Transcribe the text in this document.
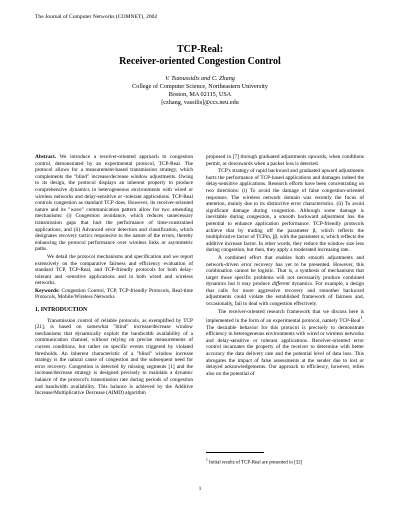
The Journal of Computer Networks (COMNET), 2002
TCP-Real:
Receiver-oriented Congestion Control
V. Tsaoussidis and C. Zhang
College of Computer Science, Northeastern University
Boston, MA 02115, USA
[czhang, vassilis]@ccs.neu.edu

Abstract. We introduce a receiver-oriented approach to congestion control, demonstrated by an experimental protocol, TCP-Real. The protocol allows for a measurement-based transmission strategy, which complements the "blind" increase/decrease window adjustments. Owing to its design, the protocol displays an inherent property to produce comprehensive dynamics in heterogeneous environments with wired or wireless networks and delay-sensitive or -tolerant applications. TCP-Real controls congestion as standard TCP does. However, its receiver-oriented nature and its "wave" communication pattern allow for two amending mechanisms: (i) Congestion avoidance, which reduces unnecessary transmission gaps that hurt the performance of time-constrained applications, and (ii) Advanced error detection and classification, which designates recovery tactics responsive to the nature of the errors, thereby enhancing the protocol performance over wireless links or asymmetric paths.

We detail the protocol mechanisms and specification and we report extensively on the comparative fairness and efficiency evaluation of standard TCP, TCP-Real, and TCP-friendly protocols for both delay-tolerant and -sensitive applications and in both wired and wireless networks.

Keywords: Congestion Control, TCP, TCP-friendly Protocols, Real-time Protocols, Mobile/Wireless Networks

1. INTRODUCTION

Transmission control of reliable protocols, as exemplified by TCP [21], is based on somewhat "blind" increase/decrease window mechanisms that dynamically exploit the bandwidth availability of a communication channel, without relying on precise measurements of current conditions, but rather on specific events triggered by violated thresholds. An inherent characteristic of a "blind" window increase strategy is the natural cause of congestion and the subsequent need for error recovery. Congestion is detected by missing segments [1] and the increase/decrease strategy is designed precisely to maintain a dynamic balance of the protocol's transmission rate during periods of congestion and bandwidth availability. This balance is achieved by the Additive Increase/Multiplicative Decrease (AIMD) algorithm

proposed in [7] through graduated adjustments upwards, when conditions permit, or downwards when a packet loss is detected.

TCP's strategy of rapid backward and graduated upward adjustments hurts the performance of TCP-based applications and damages indeed the delay-sensitive applications. Research efforts have been concentrating on two directions: (i) To avoid the damage of false congestion-oriented responses. The wireless network domain was recently the focus of attention, mainly due to its distinctive error characteristics. (ii) To avoid significant damage during congestion. Although some damage is inevitable during congestion, a smooth backward adjustment has the potential to enhance application performance. TCP-friendly protocols achieve that by trading off the parameter β, which reflects the multiplicative factor of TCPin, [β, with the parameter α, which reflects the additive increase factor. In other words, they reduce the window size less during congestion, but then, they apply a moderated increasing rate.

A combined effort that enables both smooth adjustments and network-driven error recovery has yet to be presented. However, this combination cannot be logistic. That is, a synthesis of mechanisms that target those specific problems will not necessarily produce combined dynamics but it may produce different dynamics. For example, a design that calls for more aggressive recovery and smoother backward adjustments could violate the established framework of fairness and, occasionally, fail to deal with congestion effectively.

The receiver-oriented research framework that we discuss here is implemented in the form of an experimental protocol, namely TCP-Real$^1$. The desirable behavior for this protocol is precisely to demonstrate efficiency in heterogeneous environments with wired or wireless networks and delay-sensitive or tolerant applications. Receiver-oriented error control incarnates the property of the receiver to determine with better accuracy the data delivery rate and the potential level of data loss. This abrogates the impact of false assessments at the sender due to lost or delayed acknowledgements. Our approach to efficiency, however, relies also on the potential of

$^1$ Initial results of TCP-Real are presented in [32]
1
